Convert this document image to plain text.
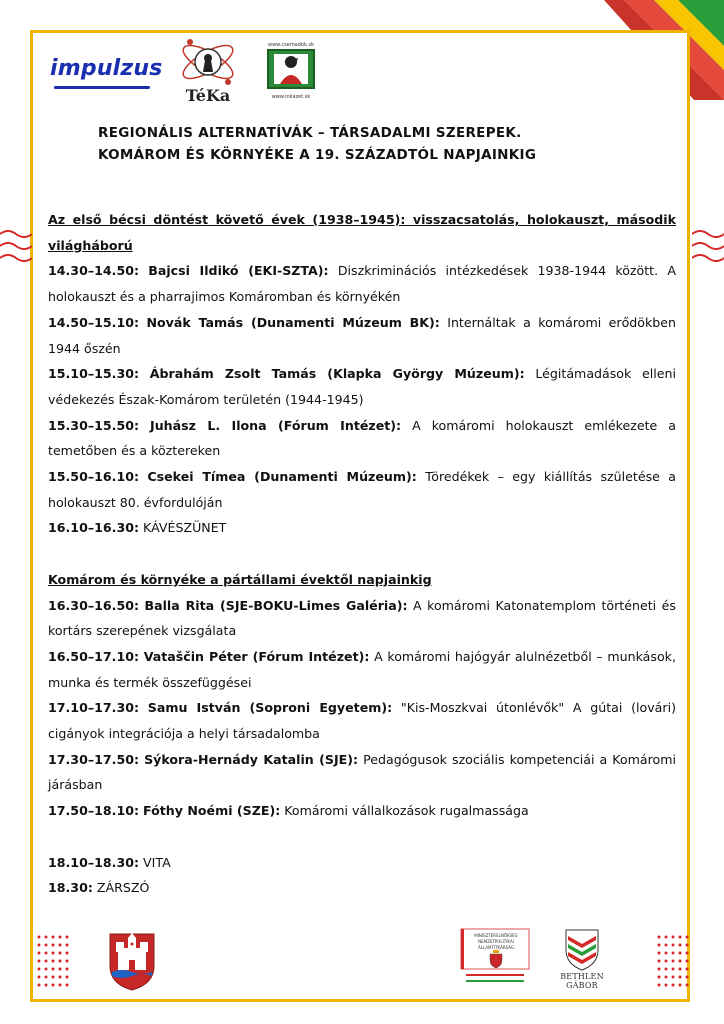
impulzus
TéKa
www.csemadok.sk
www.inkazet.sk
REGIONÁLIS ALTERNATÍVÁK – TÁRSADALMI SZEREPEK.
KOMÁROM ÉS KÖRNYÉKE A 19. SZÁZADTÓL NAPJAINKIG
Az első bécsi döntést követő évek (1938–1945): visszacsatolás, holokauszt, második világháború

14.30–14.50: Bajcsi Ildikó (EKI-SZTA): Diszkriminációs intézkedések 1938-1944 között. A holokauszt és a pharrajimos Komáromban és környékén

14.50–15.10: Novák Tamás (Dunamenti Múzeum BK): Internáltak a komáromi erődökben 1944 őszén

15.10–15.30: Ábrahám Zsolt Tamás (Klapka György Múzeum): Légitámadások elleni védekezés Észak-Komárom területén (1944-1945)

15.30–15.50: Juhász L. Ilona (Fórum Intézet): A komáromi holokauszt emlékezete a temetőben és a köztereken

15.50–16.10: Csekei Tímea (Dunamenti Múzeum): Töredékek – egy kiállítás születése a holokauszt 80. évfordulóján

16.10–16.30: KÁVÉSZÜNET

Komárom és környéke a pártállami évektől napjainkig

16.30–16.50: Balla Rita (SJE-BOKU-Limes Galéria): A komáromi Katonatemplom történeti és kortárs szerepének vizsgálata

16.50–17.10: Vataščin Péter (Fórum Intézet): A komáromi hajógyár alulnézetből – munkások, munka és termék összefüggései

17.10–17.30: Samu István (Soproni Egyetem): "Kis-Moszkvai útonlévők" A gútai (lovári) cigányok integrációja a helyi társadalomba

17.30–17.50: Sýkora-Hernády Katalin (SJE): Pedagógusok szociális kompetenciái a Komáromi járásban

17.50–18.10: Fóthy Noémi (SZE): Komáromi vállalkozások rugalmassága

18.10–18.30: VITA

18.30: ZÁRSZÓ

MINISZTERELNÖKSÉG
NEMZETPOLITIKAI
ÁLLAMTITKÁRSÁG
BETHLEN GÁBOR
